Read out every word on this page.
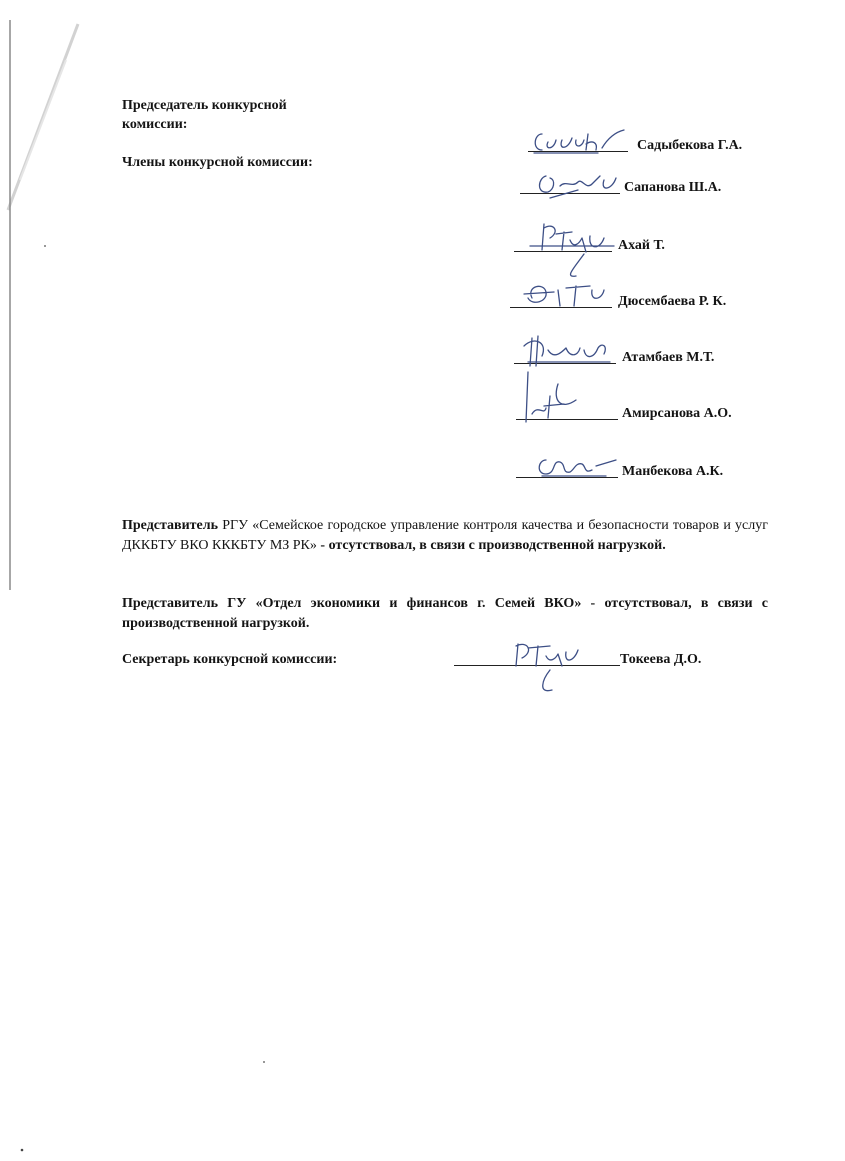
Председатель конкурсной комиссии:
Члены конкурсной комиссии:
Садыбекова Г.А.
Сапанова Ш.А.
Ахай Т.
Дюсембаева Р. К.
Атамбаев М.Т.
Амирсанова А.О.
Манбекова А.К.
Представитель РГУ «Семейское городское управление контроля качества и безопасности товаров и услуг ДККБТУ ВКО КККБТУ МЗ РК» - отсутствовал, в связи с производственной нагрузкой.
Представитель ГУ «Отдел экономики и финансов г. Семей ВКО» - отсутствовал, в связи с производственной нагрузкой.
Секретарь конкурсной комиссии:	Токеева Д.О.
